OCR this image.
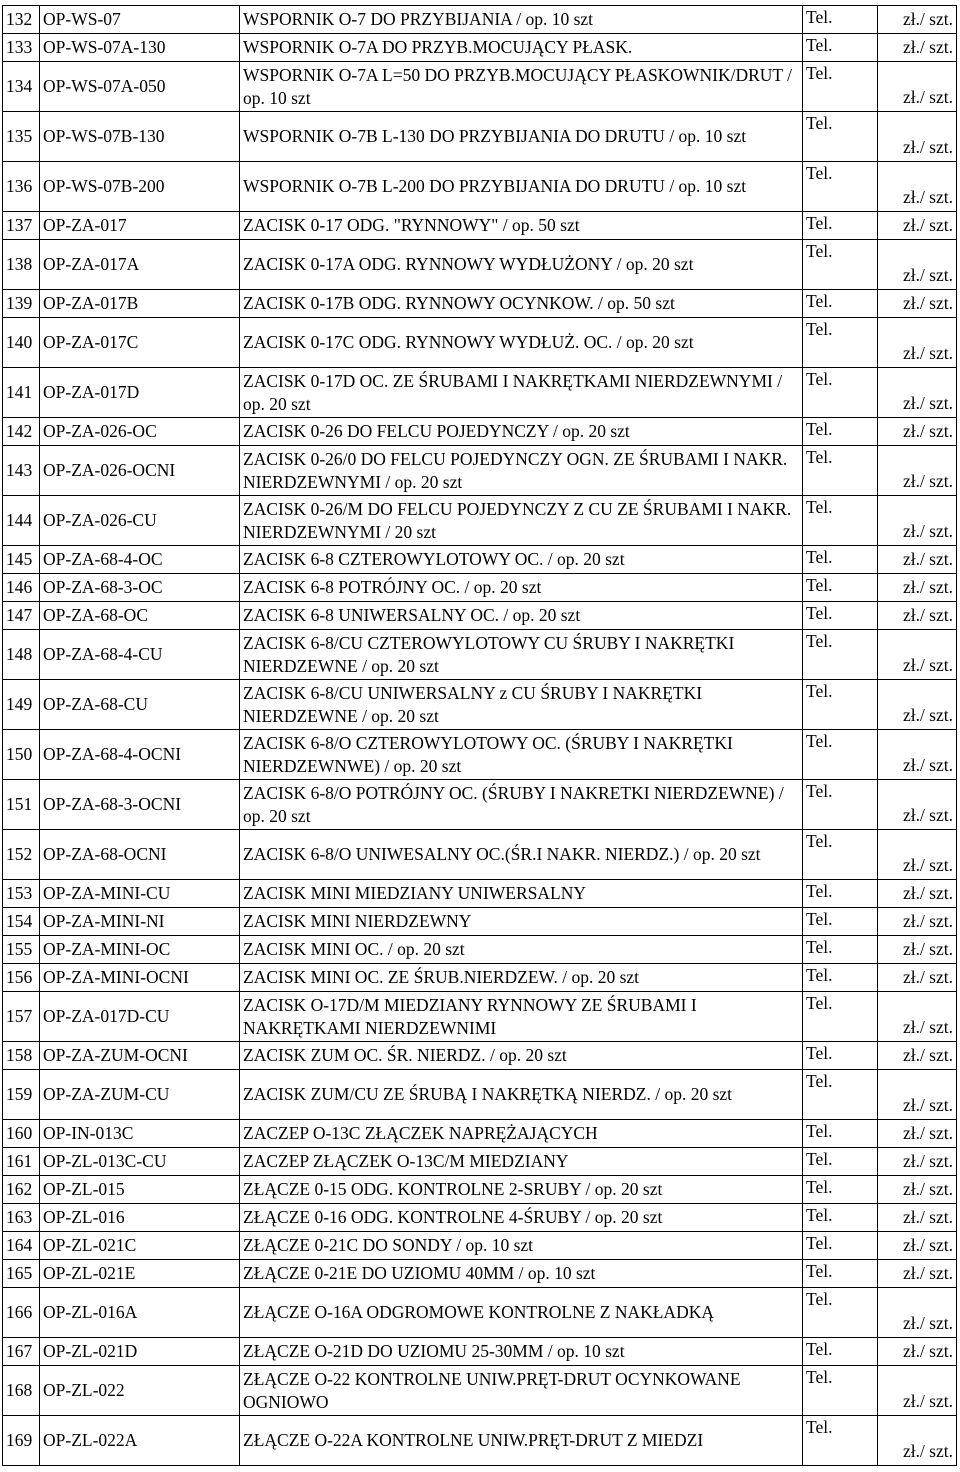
132	OP-WS-07	WSPORNIK O-7 DO PRZYBIJANIA / op. 10 szt	Tel.	zł./ szt.
133	OP-WS-07A-130	WSPORNIK O-7A DO PRZYB.MOCUJĄCY PŁASK.	Tel.	zł./ szt.
134	OP-WS-07A-050	WSPORNIK O-7A L=50 DO PRZYB.MOCUJĄCY PŁASKOWNIK/DRUT / op. 10 szt	Tel.	zł./ szt.
135	OP-WS-07B-130	WSPORNIK O-7B L-130 DO PRZYBIJANIA DO DRUTU / op. 10 szt	Tel.	zł./ szt.
136	OP-WS-07B-200	WSPORNIK O-7B L-200 DO PRZYBIJANIA DO DRUTU / op. 10 szt	Tel.	zł./ szt.
137	OP-ZA-017	ZACISK 0-17 ODG. "RYNNOWY" / op. 50 szt	Tel.	zł./ szt.
138	OP-ZA-017A	ZACISK 0-17A ODG. RYNNOWY WYDŁUŻONY / op. 20 szt	Tel.	zł./ szt.
139	OP-ZA-017B	ZACISK 0-17B ODG. RYNNOWY OCYNKOW. / op. 50 szt	Tel.	zł./ szt.
140	OP-ZA-017C	ZACISK 0-17C ODG. RYNNOWY WYDŁUŻ. OC. / op. 20 szt	Tel.	zł./ szt.
141	OP-ZA-017D	ZACISK 0-17D OC. ZE ŚRUBAMI I NAKRĘTKAMI NIERDZEWNYMI / op. 20 szt	Tel.	zł./ szt.
142	OP-ZA-026-OC	ZACISK 0-26 DO FELCU POJEDYNCZY / op. 20 szt	Tel.	zł./ szt.
143	OP-ZA-026-OCNI	ZACISK 0-26/0 DO FELCU POJEDYNCZY OGN. ZE ŚRUBAMI I NAKR. NIERDZEWNYMI / op. 20 szt	Tel.	zł./ szt.
144	OP-ZA-026-CU	ZACISK 0-26/M DO FELCU POJEDYNCZY Z CU ZE ŚRUBAMI I NAKR. NIERDZEWNYMI / 20 szt	Tel.	zł./ szt.
145	OP-ZA-68-4-OC	ZACISK 6-8 CZTEROWYLOTOWY OC. / op. 20 szt	Tel.	zł./ szt.
146	OP-ZA-68-3-OC	ZACISK 6-8 POTRÓJNY OC. / op. 20 szt	Tel.	zł./ szt.
147	OP-ZA-68-OC	ZACISK 6-8 UNIWERSALNY OC. / op. 20 szt	Tel.	zł./ szt.
148	OP-ZA-68-4-CU	ZACISK 6-8/CU CZTEROWYLOTOWY CU ŚRUBY I NAKRĘTKI NIERDZEWNE / op. 20 szt	Tel.	zł./ szt.
149	OP-ZA-68-CU	ZACISK 6-8/CU UNIWERSALNY z CU ŚRUBY I NAKRĘTKI NIERDZEWNE / op. 20 szt	Tel.	zł./ szt.
150	OP-ZA-68-4-OCNI	ZACISK 6-8/O CZTEROWYLOTOWY OC. (ŚRUBY I NAKRĘTKI NIERDZEWNWE) / op. 20 szt	Tel.	zł./ szt.
151	OP-ZA-68-3-OCNI	ZACISK 6-8/O POTRÓJNY OC. (ŚRUBY I NAKRETKI NIERDZEWNE) / op. 20 szt	Tel.	zł./ szt.
152	OP-ZA-68-OCNI	ZACISK 6-8/O UNIWESALNY OC.(ŚR.I NAKR. NIERDZ.) / op. 20 szt	Tel.	zł./ szt.
153	OP-ZA-MINI-CU	ZACISK MINI MIEDZIANY UNIWERSALNY	Tel.	zł./ szt.
154	OP-ZA-MINI-NI	ZACISK MINI NIERDZEWNY	Tel.	zł./ szt.
155	OP-ZA-MINI-OC	ZACISK MINI OC. / op. 20 szt	Tel.	zł./ szt.
156	OP-ZA-MINI-OCNI	ZACISK MINI OC. ZE ŚRUB.NIERDZEW. / op. 20 szt	Tel.	zł./ szt.
157	OP-ZA-017D-CU	ZACISK O-17D/M MIEDZIANY RYNNOWY ZE ŚRUBAMI I NAKRĘTKAMI NIERDZEWNIMI	Tel.	zł./ szt.
158	OP-ZA-ZUM-OCNI	ZACISK ZUM OC. ŚR. NIERDZ. / op. 20 szt	Tel.	zł./ szt.
159	OP-ZA-ZUM-CU	ZACISK ZUM/CU ZE ŚRUBĄ I NAKRĘTKĄ NIERDZ. / op. 20 szt	Tel.	zł./ szt.
160	OP-IN-013C	ZACZEP O-13C ZŁĄCZEK NAPRĘŻAJĄCYCH	Tel.	zł./ szt.
161	OP-ZL-013C-CU	ZACZEP ZŁĄCZEK O-13C/M MIEDZIANY	Tel.	zł./ szt.
162	OP-ZL-015	ZŁĄCZE 0-15 ODG. KONTROLNE 2-SRUBY / op. 20 szt	Tel.	zł./ szt.
163	OP-ZL-016	ZŁĄCZE 0-16 ODG. KONTROLNE 4-ŚRUBY / op. 20 szt	Tel.	zł./ szt.
164	OP-ZL-021C	ZŁĄCZE 0-21C DO SONDY / op. 10 szt	Tel.	zł./ szt.
165	OP-ZL-021E	ZŁĄCZE 0-21E DO UZIOMU 40MM / op. 10 szt	Tel.	zł./ szt.
166	OP-ZL-016A	ZŁĄCZE O-16A ODGROMOWE KONTROLNE Z NAKŁADKĄ	Tel.	zł./ szt.
167	OP-ZL-021D	ZŁĄCZE O-21D DO UZIOMU 25-30MM / op. 10 szt	Tel.	zł./ szt.
168	OP-ZL-022	ZŁĄCZE O-22 KONTROLNE UNIW.PRĘT-DRUT OCYNKOWANE OGNIOWO	Tel.	zł./ szt.
169	OP-ZL-022A	ZŁĄCZE O-22A KONTROLNE UNIW.PRĘT-DRUT Z MIEDZI	Tel.	zł./ szt.
